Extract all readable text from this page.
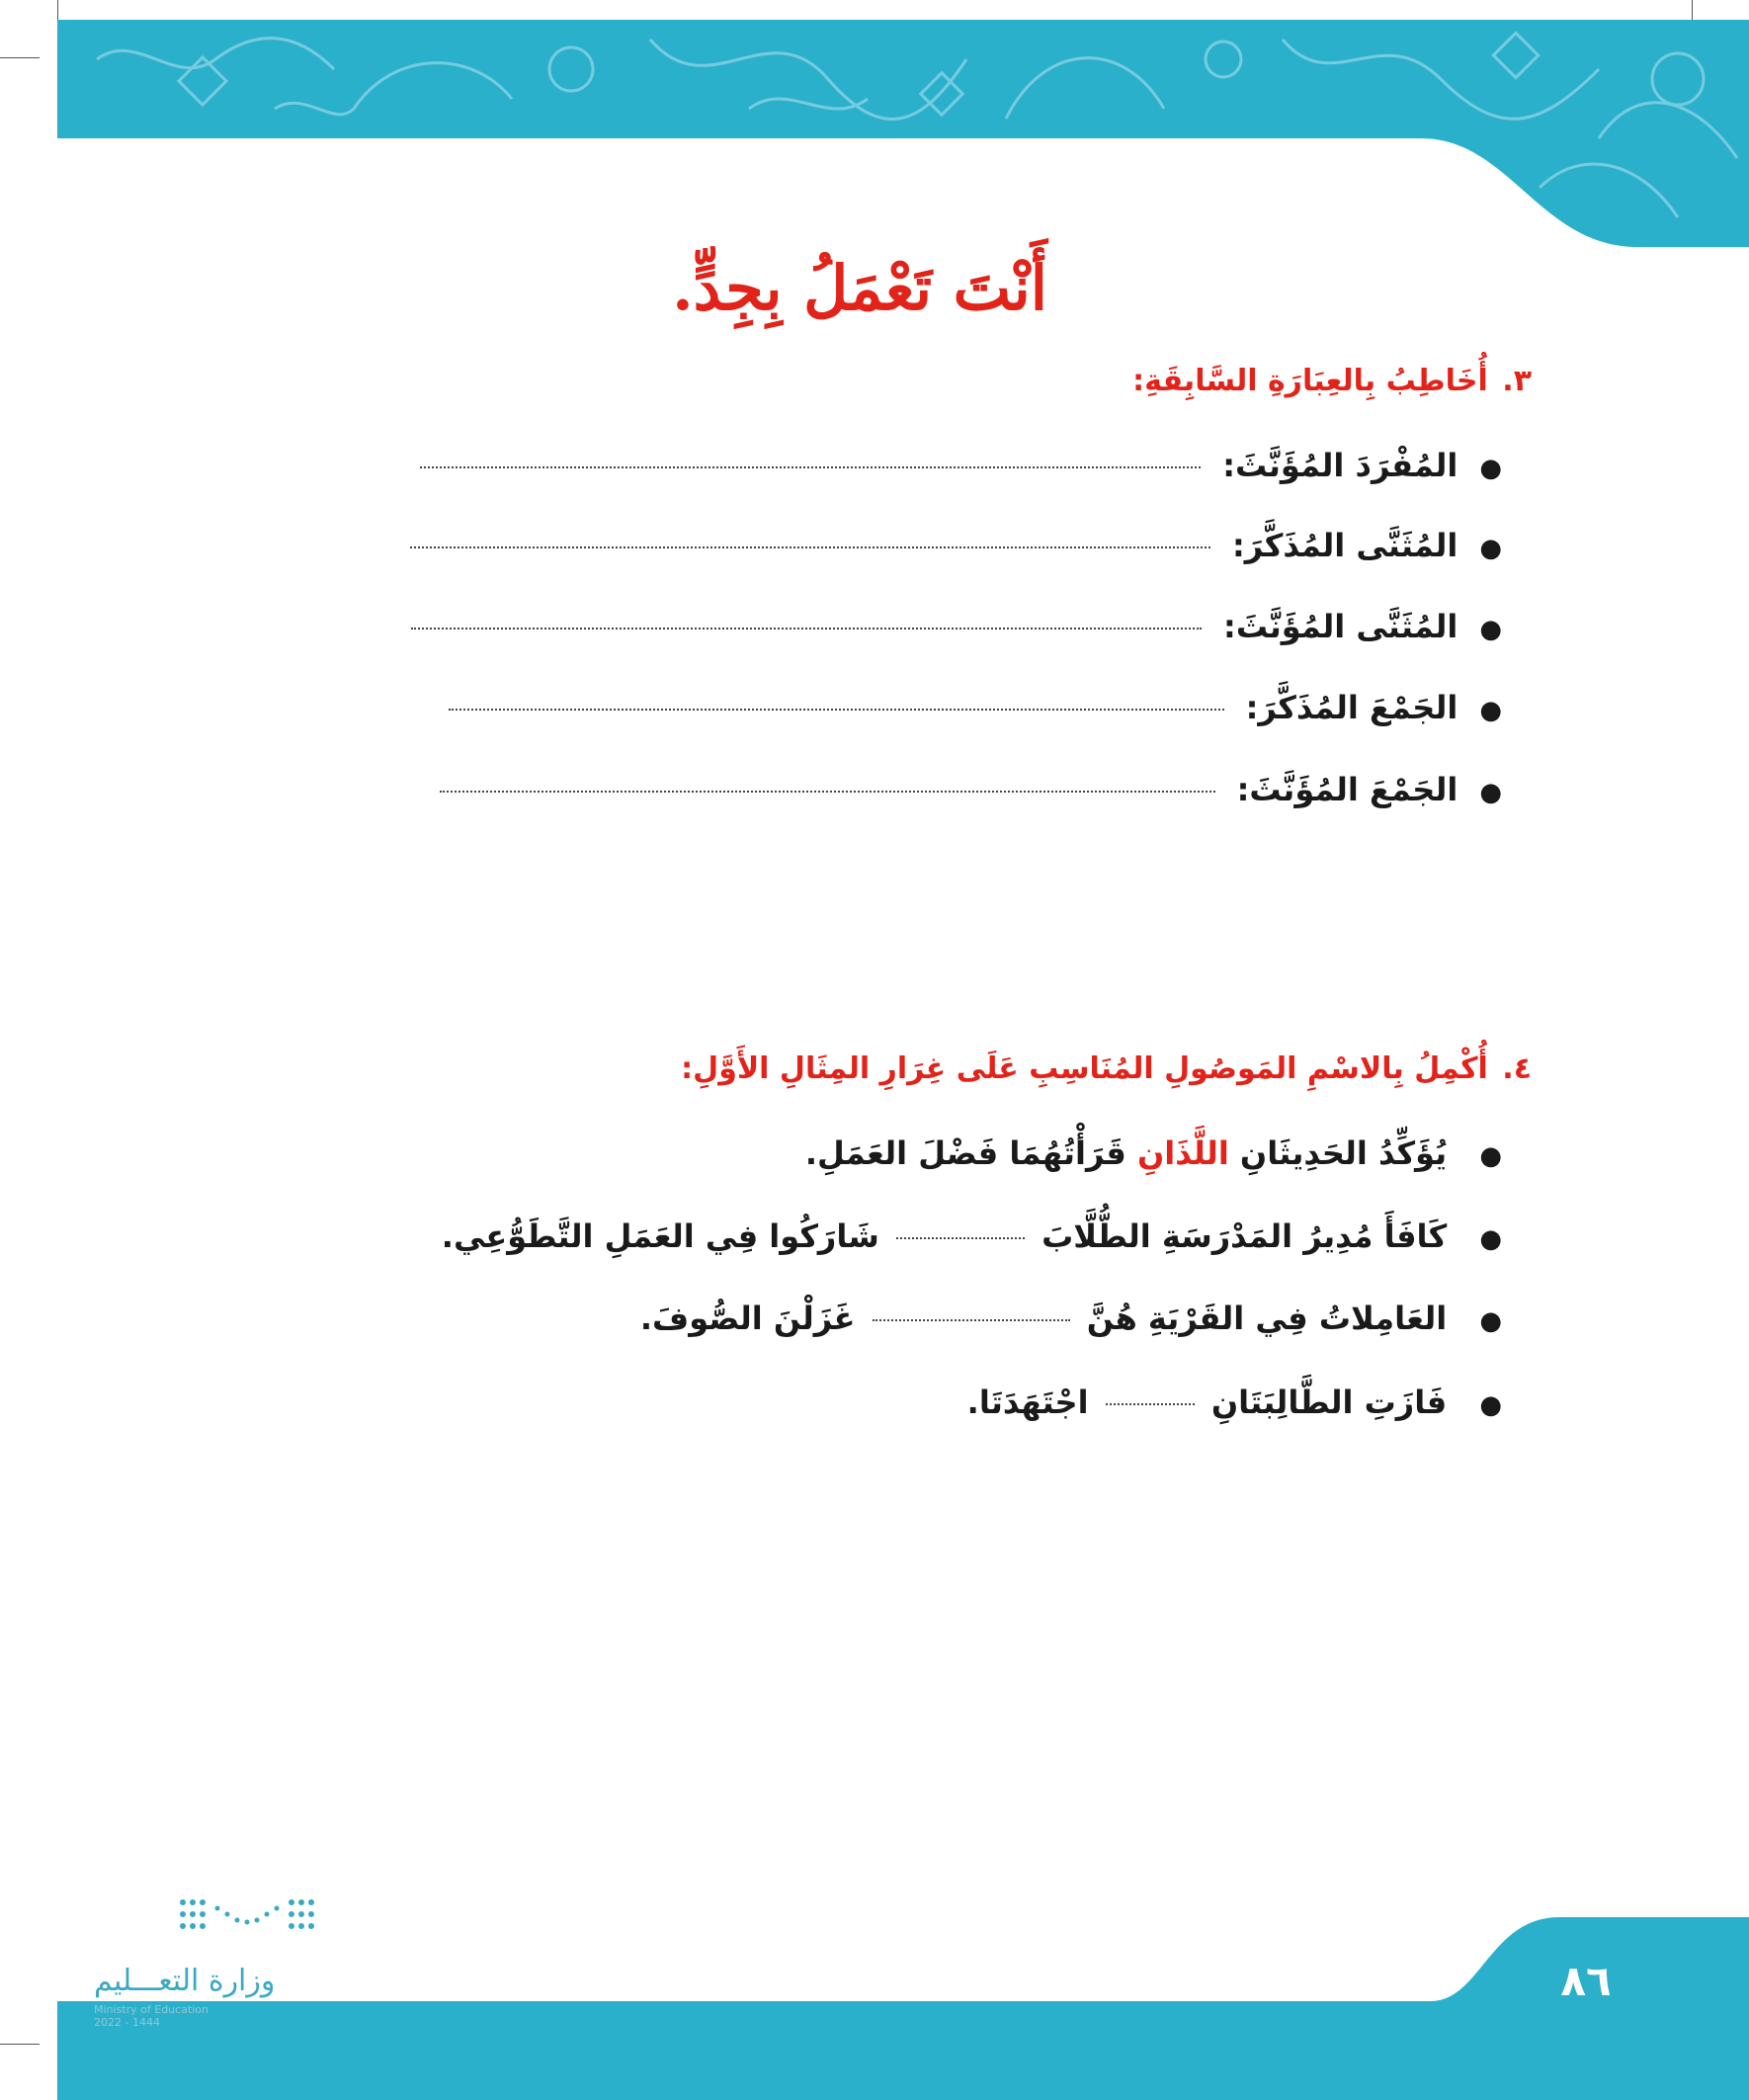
أَنْتَ تَعْمَلُ بِجِدٍّ.
٣. أُخَاطِبُ بِالعِبَارَةِ السَّابِقَةِ:
●
المُفْرَدَ المُؤَنَّثَ:
●
المُثَنَّى المُذَكَّرَ:
●
المُثَنَّى المُؤَنَّثَ:
●
الجَمْعَ المُذَكَّرَ:
●
الجَمْعَ المُؤَنَّثَ:
٤. أُكْمِلُ بِالاسْمِ المَوصُولِ المُنَاسِبِ عَلَى غِرَارِ المِثَالِ الأَوَّلِ:
● يُؤَكِّدُ الحَدِيثَانِ اللَّذَانِ قَرَأْتُهُمَا فَضْلَ العَمَلِ.
● كَافَأَ مُدِيرُ المَدْرَسَةِ الطُّلَّابَ  شَارَكُوا فِي العَمَلِ التَّطَوُّعِي.
● العَامِلاتُ فِي القَرْيَةِ هُنَّ  غَزَلْنَ الصُّوفَ.
● فَازَتِ الطَّالِبَتَانِ  اجْتَهَدَتَا.
٨٦
وزارة التعـــليم
Ministry of Education
2022 - 1444
